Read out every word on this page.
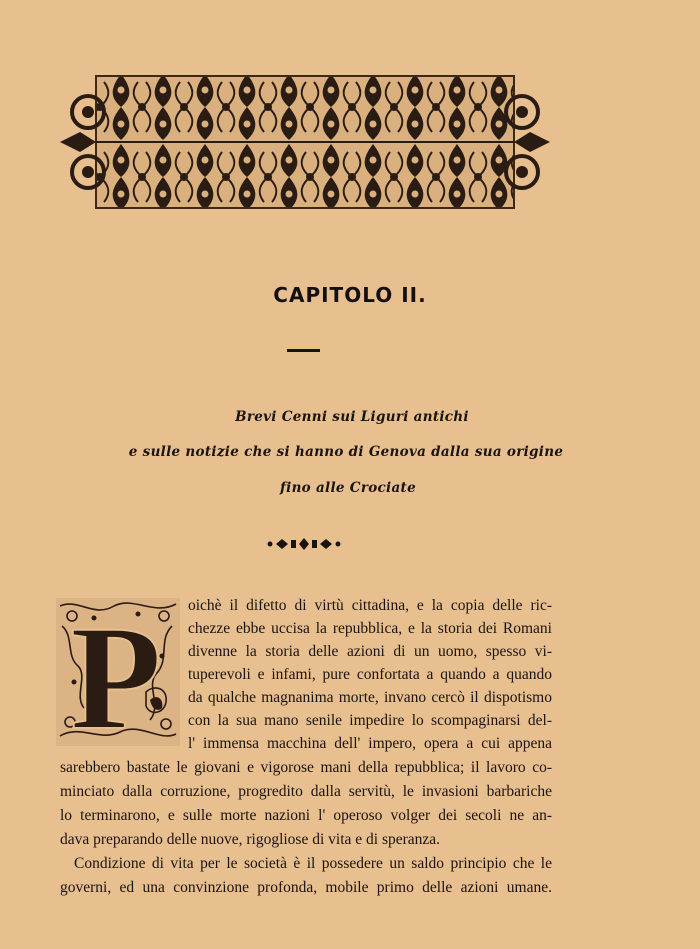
CAPITOLO II.
Brevi Cenni sui Liguri antichi
e sulle notizie che si hanno di Genova dalla sua origine
fino alle Crociate
P oichè il difetto di virtù cittadina, e la copia delle ric-
chezze ebbe uccisa la repubblica, e la storia dei Romani
divenne la storia delle azioni di un uomo, spesso vi-
tuperevoli e infami, pure confortata a quando a quando
da qualche magnanima morte, invano cercò il dispotismo
con la sua mano senile impedire lo scompaginarsi del-
l' immensa macchina dell' impero, opera a cui appena
sarebbero bastate le giovani e vigorose mani della repubblica; il lavoro co-
minciato dalla corruzione, progredito dalla servitù, le invasioni barbariche
lo terminarono, e sulle morte nazioni l' operoso volger dei secoli ne an-
dava preparando delle nuove, rigogliose di vita e di speranza.
Condizione di vita per le società è il possedere un saldo principio che le
governi, ed una convinzione profonda, mobile primo delle azioni umane.
